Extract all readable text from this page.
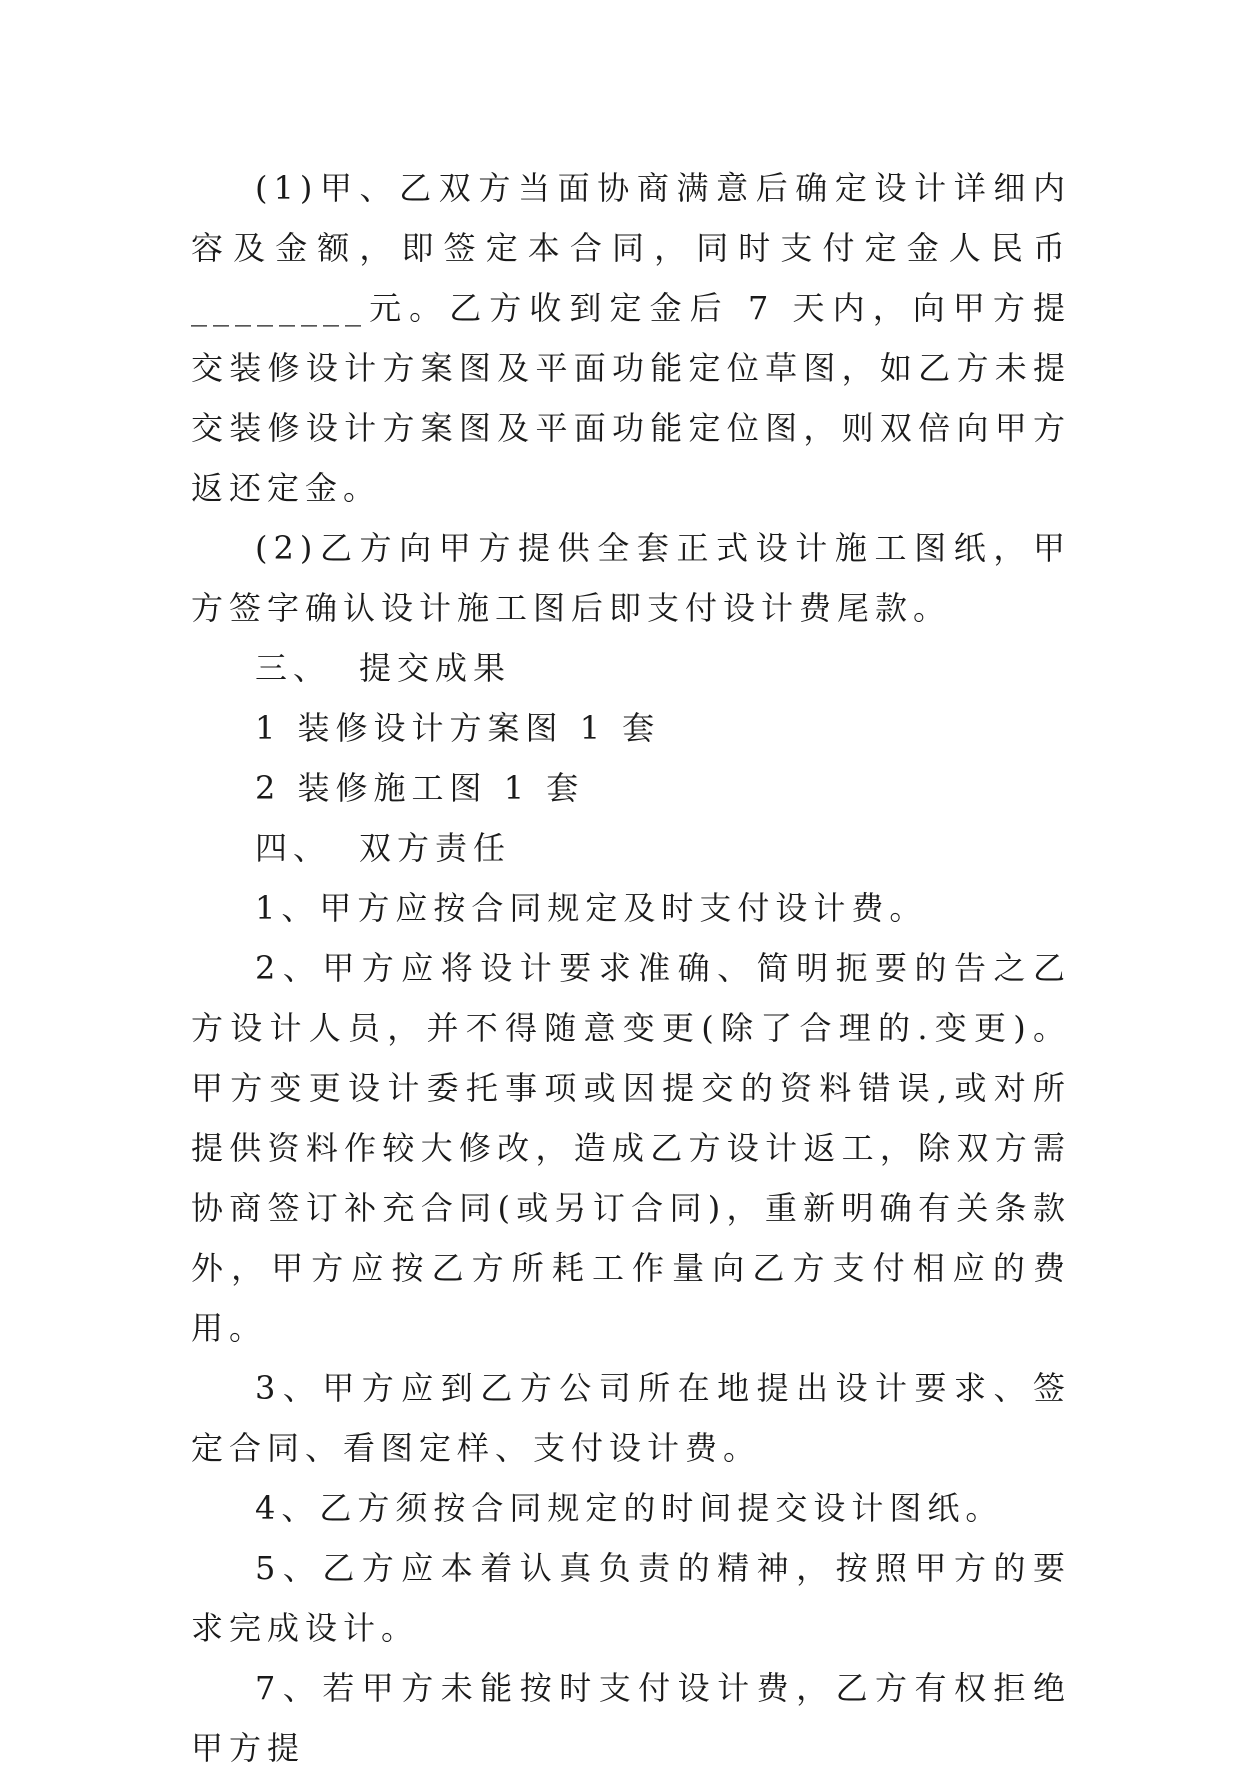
(1)甲、乙双方当面协商满意后确定设计详细内容及金额，即签定本合同，同时支付定金人民币________元。乙方收到定金后 7 天内，向甲方提交装修设计方案图及平面功能定位草图，如乙方未提交装修设计方案图及平面功能定位图，则双倍向甲方返还定金。

(2)乙方向甲方提供全套正式设计施工图纸，甲方签字确认设计施工图后即支付设计费尾款。

三、 提交成果

1 装修设计方案图 1 套

2 装修施工图 1 套

四、 双方责任

1、甲方应按合同规定及时支付设计费。

2、甲方应将设计要求准确、简明扼要的告之乙方设计人员，并不得随意变更(除了合理的.变更)。甲方变更设计委托事项或因提交的资料错误,或对所提供资料作较大修改，造成乙方设计返工，除双方需协商签订补充合同(或另订合同)，重新明确有关条款外，甲方应按乙方所耗工作量向乙方支付相应的费用。

3、甲方应到乙方公司所在地提出设计要求、签定合同、看图定样、支付设计费。

4、乙方须按合同规定的时间提交设计图纸。

5、乙方应本着认真负责的精神，按照甲方的要求完成设计。

7、若甲方未能按时支付设计费，乙方有权拒绝甲方提
